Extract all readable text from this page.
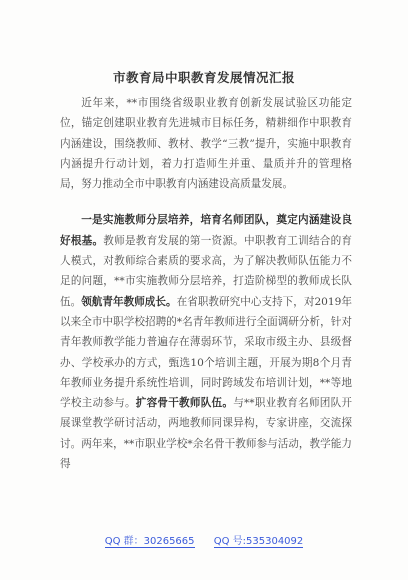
市教育局中职教育发展情况汇报

近年来，**市围绕省级职业教育创新发展试验区功能定位，锚定创建职业教育先进城市目标任务，精耕细作中职教育内涵建设，围绕教师、教材、教学“三教”提升，实施中职教育内涵提升行动计划，着力打造师生并重、量质并升的管理格局，努力推动全市中职教育内涵建设高质量发展。

一是实施教师分层培养，培育名师团队，奠定内涵建设良好根基。教师是教育发展的第一资源。中职教育工训结合的育人模式，对教师综合素质的要求高，为了解决教师队伍能力不足的问题，**市实施教师分层培养，打造阶梯型的教师成长队伍。领航青年教师成长。在省职教研究中心支持下，对2019年以来全市中职学校招聘的*名青年教师进行全面调研分析，针对青年教师教学能力普遍存在薄弱环节，采取市级主办、县级督办、学校承办的方式，甄选10个培训主题，开展为期8个月青年教师业务提升系统性培训，同时跨域发布培训计划，**等地学校主动参与。扩容骨干教师队伍。与**职业教育名师团队开展课堂教学研讨活动，两地教师同课异构，专家讲座，交流探讨。两年来，**市职业学校*余名骨干教师参与活动，教学能力得

QQ 群：30265665 QQ 号:535304092
